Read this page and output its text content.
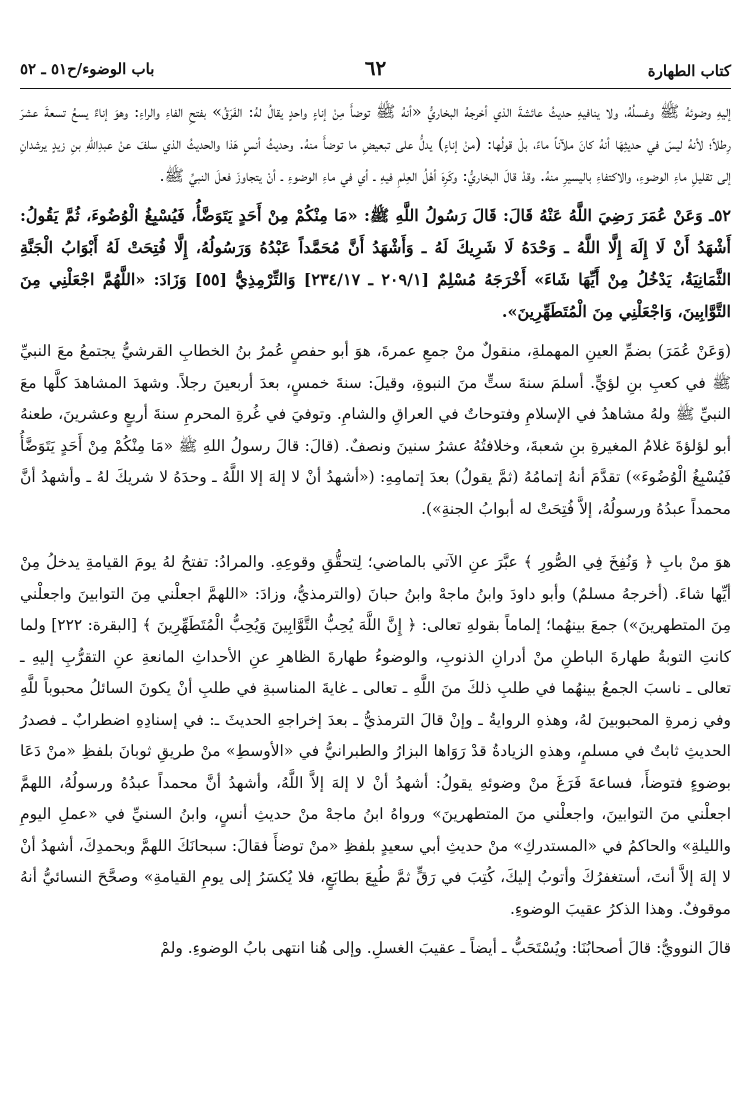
كتاب الطهارة
٦٢
باب الوضوء/ح٥١ ـ ٥٢

إليهِ وضوئهُ ﷺ وغسلُهُ، ولا ينافيهِ حديثُ عائشةَ الذي أخرجهُ البخاريُّ «أنهُ ﷺ توضأَ مِنْ إناءٍ واحدٍ يقالُ لهُ: الفَرَقُ» بفتحِ الفاءِ والراءِ: وهوَ إناءٌ يسعُ تسعةَ عشرَ رِطلاً؛ لأنهُ ليسَ في حديثِهَا أنهُ كانَ ملآناً ماءً، بلْ قولُها: (منْ إناءٍ) يدلُّ على تبعيضِ ما توضأَ منهُ. وحديثُ أنسٍ هَذا والحديثُ الذي سلفَ عنْ عبدِاللهِ بنِ زيدٍ يرشدانِ إلى تقليلِ ماءِ الوضوءِ، والاكتفاءِ باليسيرِ منهُ. وقدْ قالَ البخاريُّ: وكَرِهَ أهْلُ العِلمِ فيهِ ـ أي في ماءِ الوضوءِ ـ أنْ يتجاوزَ فعلَ النبيِّ ﷺ.

٥٢ـ وَعَنْ عُمَرَ رَضِيَ اللَّهُ عَنْهُ قَالَ: قَالَ رَسُولُ اللَّهِ ﷺ: «مَا مِنْكُمْ مِنْ أَحَدٍ يَتَوَضَّأُ، فَيُسْبِغُ الْوُضُوءَ، ثُمَّ يَقُولُ: أَشْهَدُ أَنْ لَا إِلَهَ إِلَّا اللَّهُ ـ وَحْدَهُ لَا شَرِيكَ لَهُ ـ وَأَشْهَدُ أَنَّ مُحَمَّداً عَبْدُهُ وَرَسُولُهُ، إِلَّا فُتِحَتْ لَهُ أَبْوَابُ الْجَنَّةِ الثَّمَانِيَةُ، يَدْخُلُ مِنْ أَيِّهَا شَاءَ» أَخْرَجَهُ مُسْلِمٌ [٢٠٩/١ ـ ٢٣٤/١٧] وَالتِّرْمِذِيُّ [٥٥] وَزَادَ: «اللَّهُمَّ اجْعَلْنِي مِنَ التَّوَّابِينَ، وَاجْعَلْنِي مِنَ الْمُتَطَهِّرِينَ».

(وَعَنْ عُمَرَ) بضمِّ العينِ المهملةِ، منقولٌ منْ جمعِ عمرةَ، هوَ أبو حفصٍ عُمرُ بنُ الخطابِ القرشيُّ يجتمعُ معَ النبيِّ ﷺ في كعبِ بنِ لؤيٍّ. أسلمَ سنةَ ستٍّ منَ النبوةِ، وقيلَ: سنةَ خمسٍ، بعدَ أربعينَ رجلاً. وشهدَ المشاهدَ كلَّها معَ النبيِّ ﷺ ولهُ مشاهدُ في الإسلامِ وفتوحاتٌ في العراقِ والشامِ. وتوفيَ في غُرةِ المحرمِ سنةَ أربعٍ وعشرينَ، طعنهُ أبو لؤلؤةَ غلامُ المغيرةِ بنِ شعبةَ، وخلافتُهُ عشرُ سنينَ ونصفٌ. (قالَ: قالَ رسولُ اللهِ ﷺ «مَا مِنْكُمْ مِنْ أَحَدٍ يَتَوَضَّأُ فَيُسْبِغُ الْوُضُوءَ») تقدَّمَ أنهُ إتمامُهُ (ثمَّ يقولُ) بعدَ إتمامِهِ: («أشهدُ أنْ لا إلهَ إلا اللَّهُ ـ وحدَهُ لا شريكَ لهُ ـ وأشهدُ أنَّ محمداً عبدُهُ ورسولُهُ، إلاَّ فُتِحَتْ له أبوابُ الجنةِ»).

هوَ منْ بابِ ﴿ وَنُفِخَ فِي الصُّورِ ﴾ عبَّرَ عنِ الآتي بالماضي؛ لِتحقُّقِ وقوعِهِ. والمرادُ: تفتحُ لهُ يومَ القيامةِ يدخلُ مِنْ أيِّها شاءَ. (أخرجهُ مسلمٌ) وأبو داودَ وابنُ ماجهْ وابنُ حبانَ (والترمذيُّ، وزادَ: «اللهمَّ اجعلْني مِنَ التوابينَ واجعلْني مِنَ المتطهرينَ») جمعَ بينهُما؛ إلماماً بقولهِ تعالى: ﴿ إِنَّ اللَّهَ يُحِبُّ التَّوَّابِينَ وَيُحِبُّ الْمُتَطَهِّرِينَ ﴾ [البقرة: ٢٢٢] ولما كانتِ التوبةُ طهارةَ الباطنِ منْ أدرانِ الذنوبِ، والوضوءُ طهارةَ الظاهرِ عنِ الأحداثِ المانعةِ عنِ التقرُّبِ إليهِ ـ تعالى ـ ناسبَ الجمعُ بينهُما في طلبِ ذلكَ منَ اللَّهِ ـ تعالى ـ غايةَ المناسبةِ في طلبِ أنْ يكونَ السائلُ محبوباً للَّهِ وفي زمرةِ المحبوبينَ لهُ، وهذهِ الروايةُ ـ وإنْ قالَ الترمذيُّ ـ بعدَ إخراجهِ الحديثَ ـ: في إسنادِهِ اضطرابٌ ـ فصدرُ الحديثِ ثابتٌ في مسلمٍ، وهذهِ الزيادةُ قدْ رَوَاها البزارُ والطبرانيُّ في «الأوسطِ» منْ طريقِ ثوبانَ بلفظِ «منْ دَعَا بوضوءٍ فتوضأَ، فساعةَ فَرَغَ منْ وضوئهِ يقولُ: أشهدُ أنْ لا إلهَ إلاَّ اللَّهُ، وأشهدُ أنَّ محمداً عبدُهُ ورسولُهُ، اللهمَّ اجعلْني منَ التوابينَ، واجعلْني منَ المتطهرينَ» ورواهُ ابنُ ماجهْ منْ حديثِ أنسٍ، وابنُ السنيِّ في «عملِ اليومِ والليلةِ» والحاكمُ في «المستدركِ» منْ حديثِ أبي سعيدٍ بلفظِ «منْ توضأَ فقالَ: سبحانَكَ اللهمَّ وبحمدِكَ، أشهدُ أنْ لا إلهَ إلاَّ أنتَ، أستغفرُكَ وأتوبُ إليكَ، كُتِبَ في رَقٍّ ثمَّ طُبِعَ بطابَعٍ، فلا يُكسَرُ إلى يومِ القيامةِ» وصحَّحَ النسائيُّ أنهُ موقوفٌ. وهذا الذكرُ عقيبَ الوضوءِ.

قالَ النوويُّ: قالَ أصحابُنَا: ويُسْتَحَبُّ ـ أيضاً ـ عقيبَ الغسلِ. وإلى هُنا انتهى بابُ الوضوءِ. ولمْ
